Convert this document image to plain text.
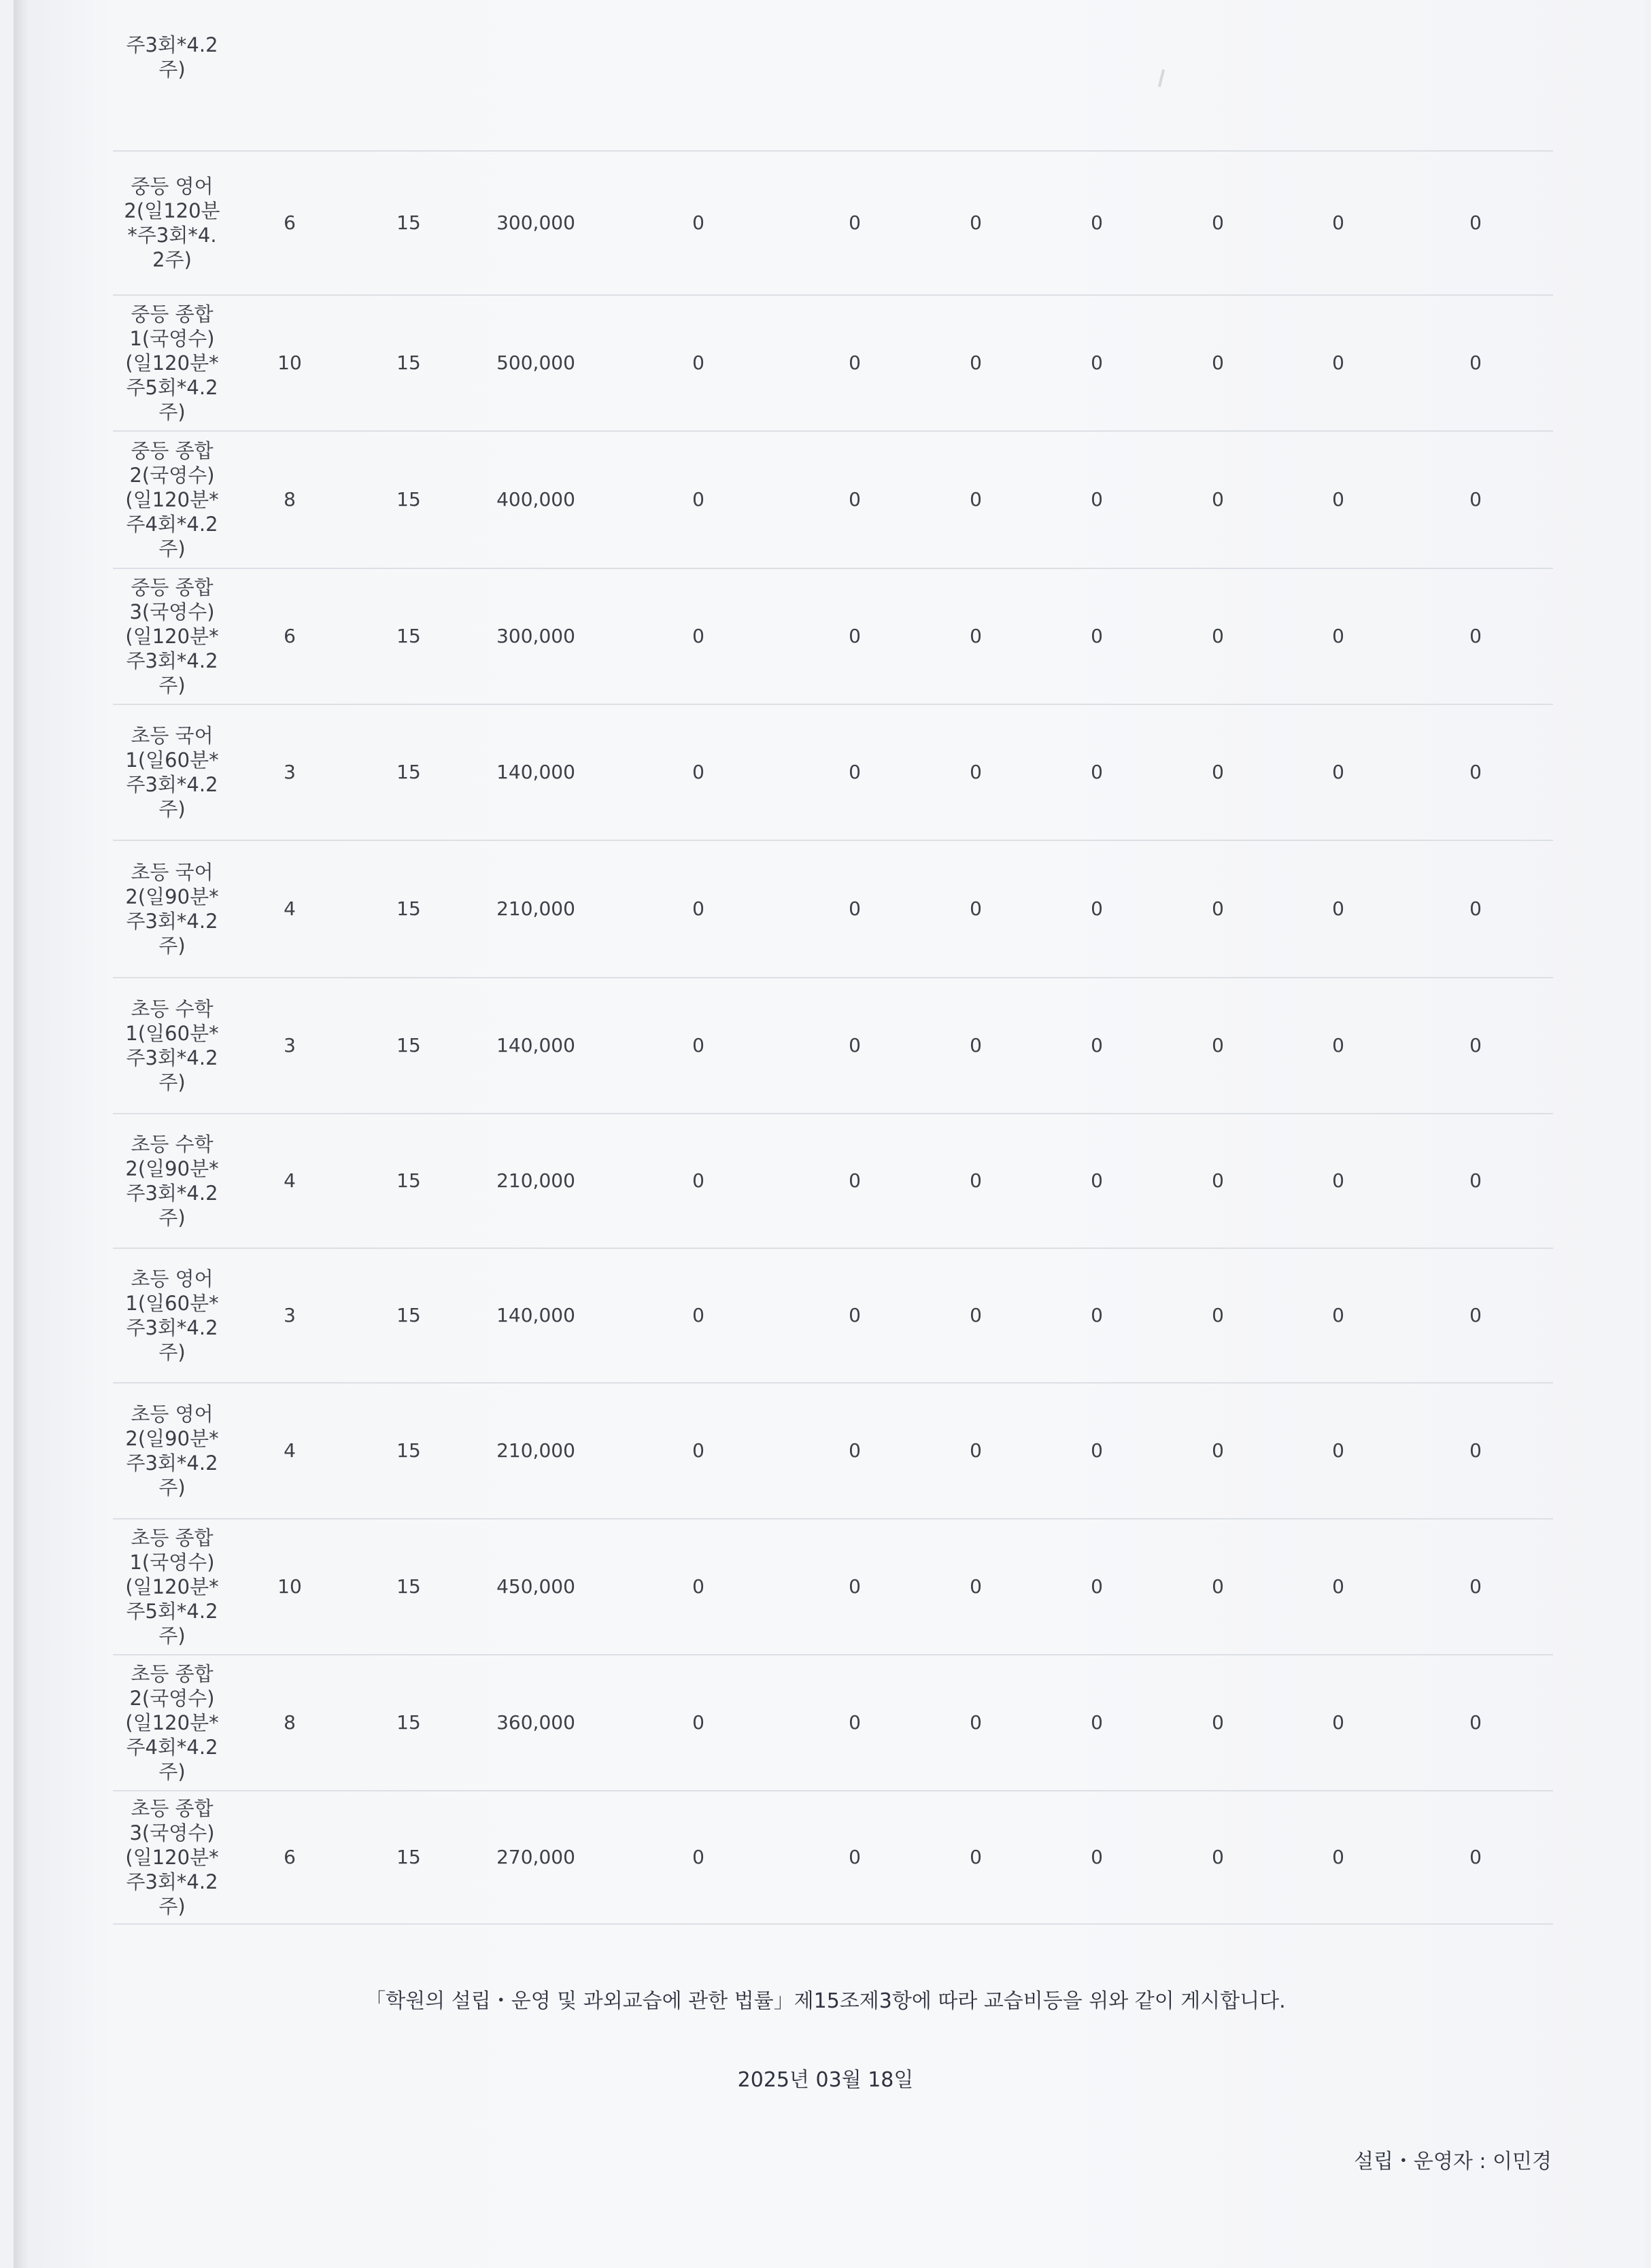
주3회*4.2
주)										
중등 영어
2(일120분
*주3회*4.
2주)	6	15	300,000	0	0	0	0	0	0	0
중등 종합
1(국영수)
(일120분*
주5회*4.2
주)	10	15	500,000	0	0	0	0	0	0	0
중등 종합
2(국영수)
(일120분*
주4회*4.2
주)	8	15	400,000	0	0	0	0	0	0	0
중등 종합
3(국영수)
(일120분*
주3회*4.2
주)	6	15	300,000	0	0	0	0	0	0	0
초등 국어
1(일60분*
주3회*4.2
주)	3	15	140,000	0	0	0	0	0	0	0
초등 국어
2(일90분*
주3회*4.2
주)	4	15	210,000	0	0	0	0	0	0	0
초등 수학
1(일60분*
주3회*4.2
주)	3	15	140,000	0	0	0	0	0	0	0
초등 수학
2(일90분*
주3회*4.2
주)	4	15	210,000	0	0	0	0	0	0	0
초등 영어
1(일60분*
주3회*4.2
주)	3	15	140,000	0	0	0	0	0	0	0
초등 영어
2(일90분*
주3회*4.2
주)	4	15	210,000	0	0	0	0	0	0	0
초등 종합
1(국영수)
(일120분*
주5회*4.2
주)	10	15	450,000	0	0	0	0	0	0	0
초등 종합
2(국영수)
(일120분*
주4회*4.2
주)	8	15	360,000	0	0	0	0	0	0	0
초등 종합
3(국영수)
(일120분*
주3회*4.2
주)	6	15	270,000	0	0	0	0	0	0	0
「학원의 설립・운영 및 과외교습에 관한 법률」제15조제3항에 따라 교습비등을 위와 같이 게시합니다.
2025년 03월 18일
설립・운영자 : 이민경
